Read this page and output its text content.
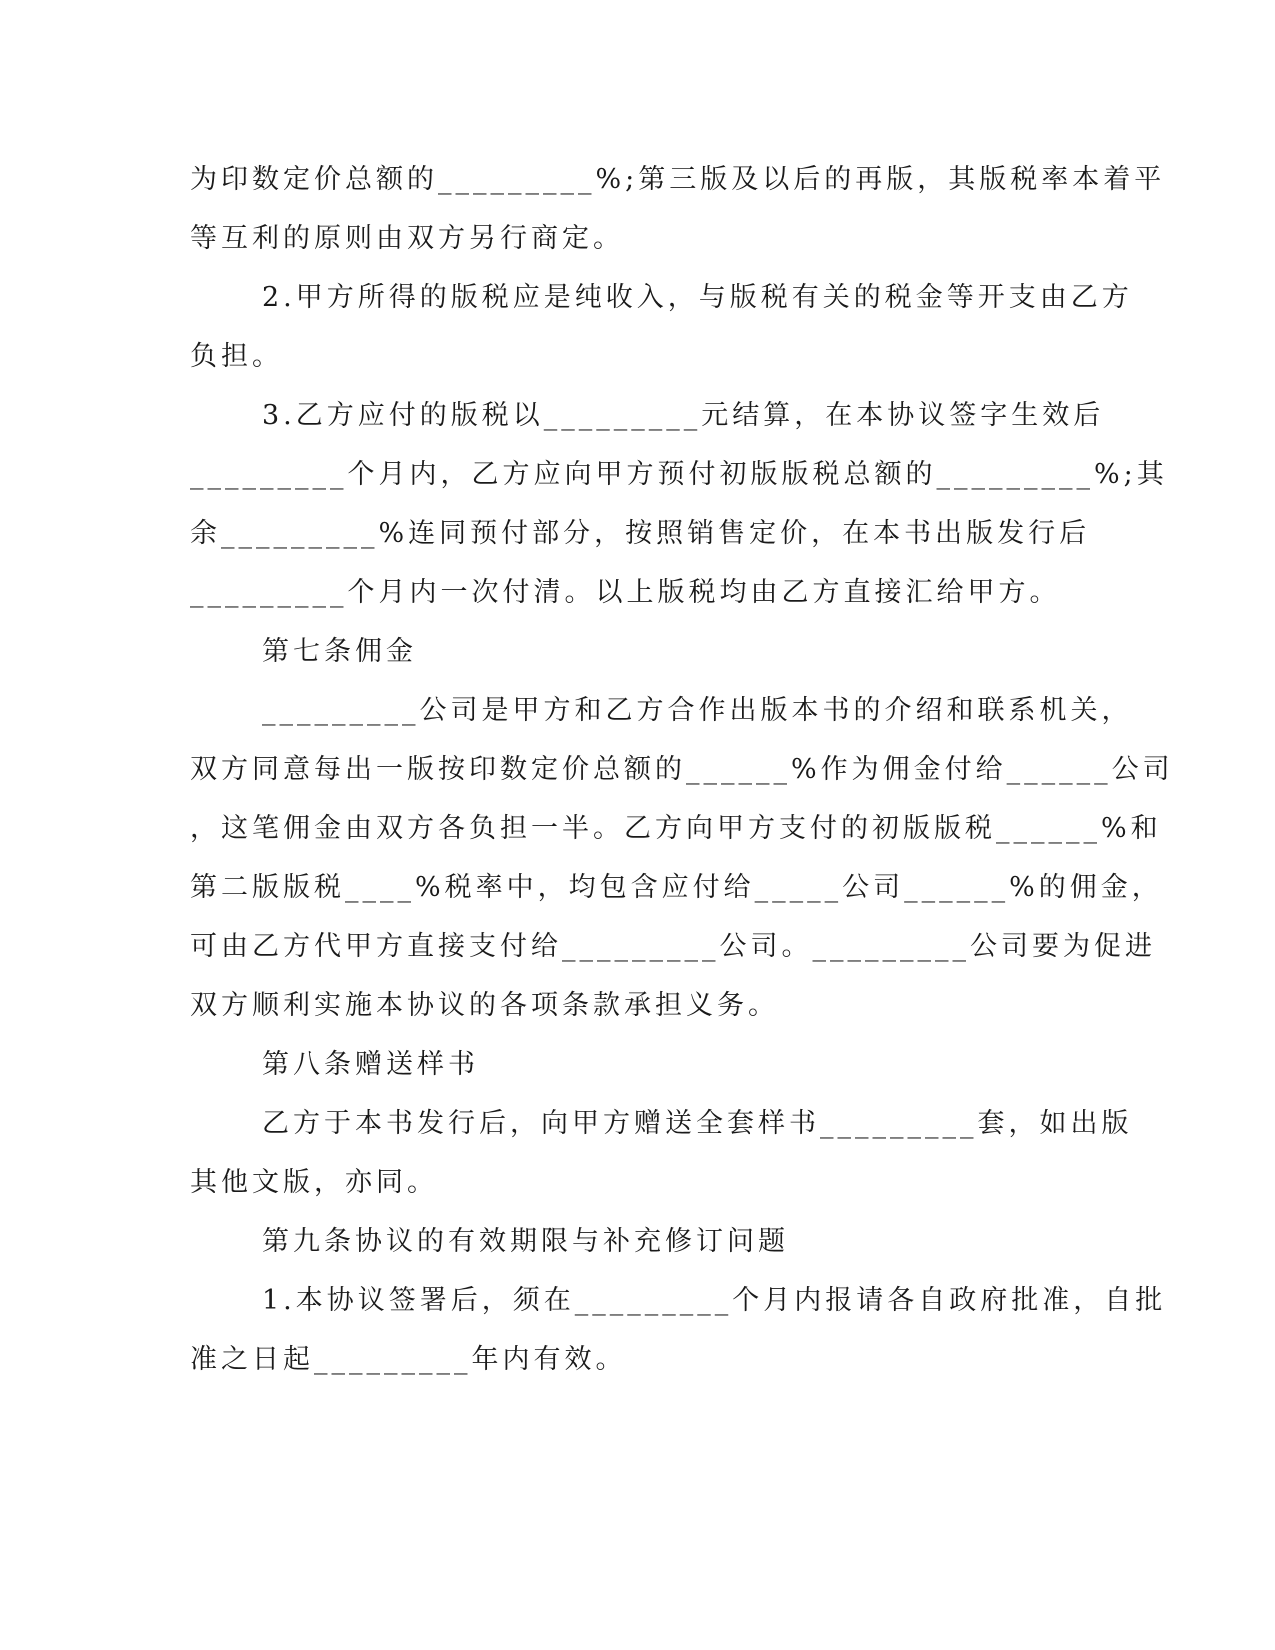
为印数定价总额的_________%;第三版及以后的再版，其版税率本着平
等互利的原则由双方另行商定。
2.甲方所得的版税应是纯收入，与版税有关的税金等开支由乙方
负担。
3.乙方应付的版税以_________元结算，在本协议签字生效后
_________个月内，乙方应向甲方预付初版版税总额的_________%;其
余_________%连同预付部分，按照销售定价，在本书出版发行后
_________个月内一次付清。以上版税均由乙方直接汇给甲方。
第七条佣金
_________公司是甲方和乙方合作出版本书的介绍和联系机关，
双方同意每出一版按印数定价总额的______%作为佣金付给______公司
，这笔佣金由双方各负担一半。乙方向甲方支付的初版版税______%和
第二版版税____%税率中，均包含应付给_____公司______%的佣金，
可由乙方代甲方直接支付给_________公司。_________公司要为促进
双方顺利实施本协议的各项条款承担义务。
第八条赠送样书
乙方于本书发行后，向甲方赠送全套样书_________套，如出版
其他文版，亦同。
第九条协议的有效期限与补充修订问题
1.本协议签署后，须在_________个月内报请各自政府批准，自批
准之日起_________年内有效。
